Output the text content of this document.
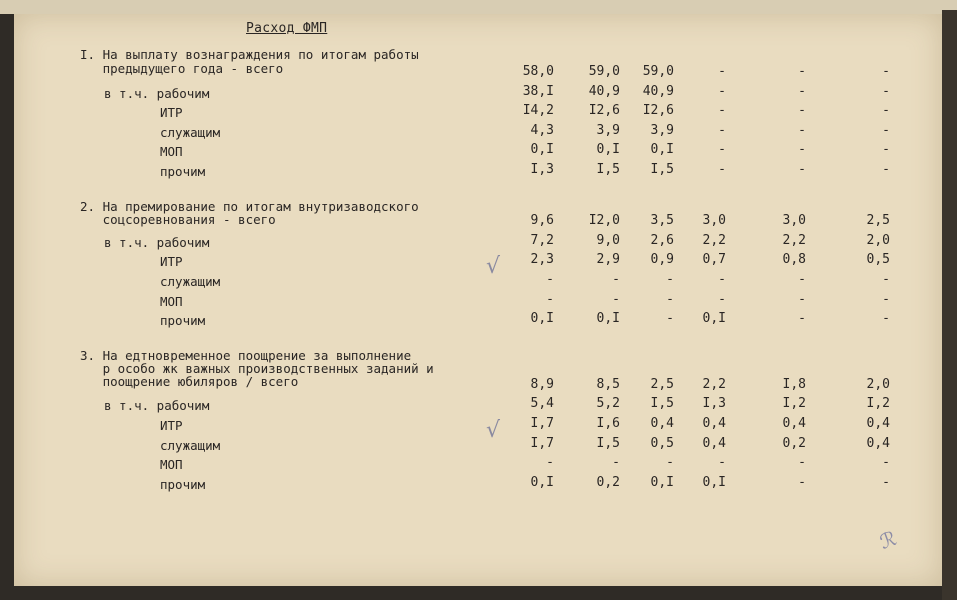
Расход ФМП
I. На выплату вознаграждения по итогам работы
предыдущего года - всего	58,0	59,0 59,0	-	-	-
в т.ч. рабочим	38,I	40,9 40,9	-	-	-
ИТР	I4,2	I2,6 I2,6	-	-	-
служащим	4,3	3,9 3,9	-	-	-
МОП	0,I	0,I 0,I	-	-	-
прочим	I,3	I,5 I,5	-	-	-
2. На премирование по итогам внутризаводского
соцсоревнования - всего	9,6	I2,0 3,5 3,0	3,0	2,5
в т.ч. рабочим	7,2	9,0 2,6 2,2	2,2	2,0
ИТР	2,3	2,9 0,9 0,7	0,8	0,5
служащим	-	-	-	-	-	-
МОП	-	-	-	-	-	-
прочим	0,I	0,I	- 0,I	-	-
3. На едтновременное поощрение за выполнение
р особо жк важных производственных заданий и
поощрение юбиляров / всего	8,9	8,5 2,5 2,2	I,8	2,0
в т.ч. рабочим	5,4	5,2 I,5 I,3	I,2	I,2
ИТР	I,7	I,6 0,4 0,4	0,4	0,4
служащим	I,7	I,5 0,5 0,4	0,2	0,4
МОП	-	-	-	-	-	-
прочим	0,I	0,2 0,I 0,I	-	-
√
√
ℛ
